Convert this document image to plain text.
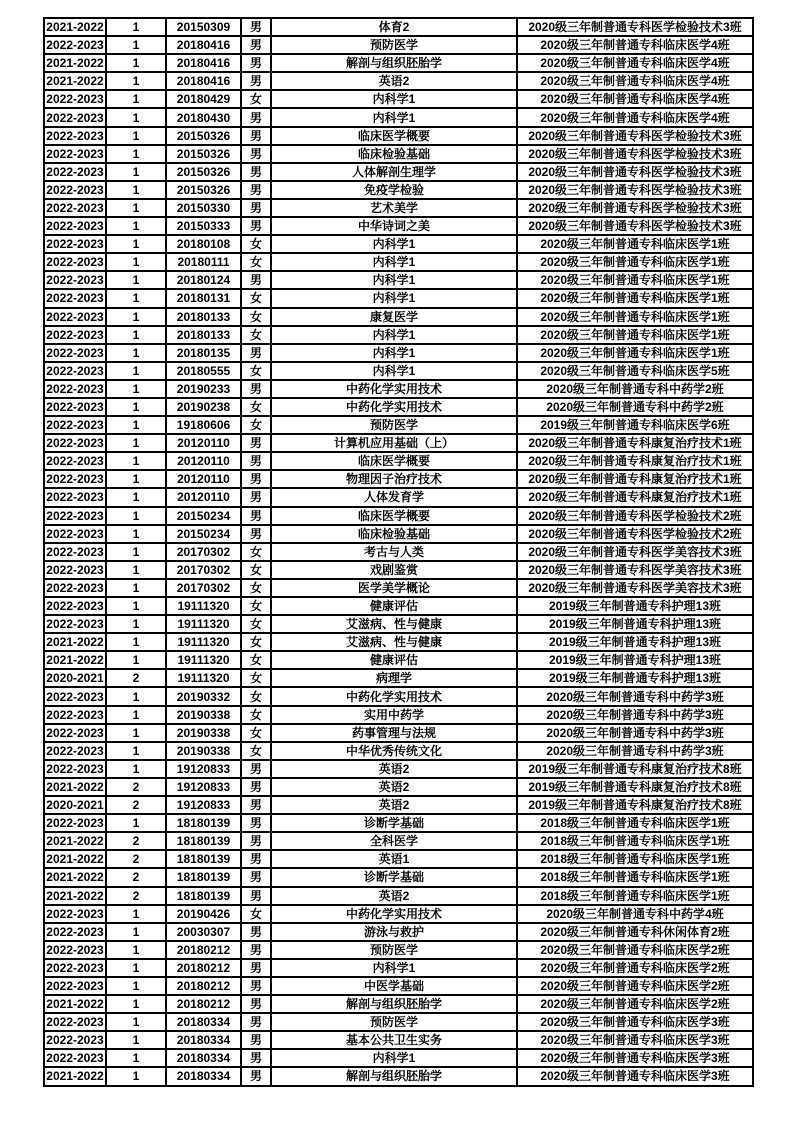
2021-2022	1	20150309	男	体育2	2020级三年制普通专科医学检验技术3班
2022-2023	1	20180416	男	预防医学	2020级三年制普通专科临床医学4班
2021-2022	1	20180416	男	解剖与组织胚胎学	2020级三年制普通专科临床医学4班
2021-2022	1	20180416	男	英语2	2020级三年制普通专科临床医学4班
2022-2023	1	20180429	女	内科学1	2020级三年制普通专科临床医学4班
2022-2023	1	20180430	男	内科学1	2020级三年制普通专科临床医学4班
2022-2023	1	20150326	男	临床医学概要	2020级三年制普通专科医学检验技术3班
2022-2023	1	20150326	男	临床检验基础	2020级三年制普通专科医学检验技术3班
2022-2023	1	20150326	男	人体解剖生理学	2020级三年制普通专科医学检验技术3班
2022-2023	1	20150326	男	免疫学检验	2020级三年制普通专科医学检验技术3班
2022-2023	1	20150330	男	艺术美学	2020级三年制普通专科医学检验技术3班
2022-2023	1	20150333	男	中华诗词之美	2020级三年制普通专科医学检验技术3班
2022-2023	1	20180108	女	内科学1	2020级三年制普通专科临床医学1班
2022-2023	1	20180111	女	内科学1	2020级三年制普通专科临床医学1班
2022-2023	1	20180124	男	内科学1	2020级三年制普通专科临床医学1班
2022-2023	1	20180131	女	内科学1	2020级三年制普通专科临床医学1班
2022-2023	1	20180133	女	康复医学	2020级三年制普通专科临床医学1班
2022-2023	1	20180133	女	内科学1	2020级三年制普通专科临床医学1班
2022-2023	1	20180135	男	内科学1	2020级三年制普通专科临床医学1班
2022-2023	1	20180555	女	内科学1	2020级三年制普通专科临床医学5班
2022-2023	1	20190233	男	中药化学实用技术	2020级三年制普通专科中药学2班
2022-2023	1	20190238	女	中药化学实用技术	2020级三年制普通专科中药学2班
2022-2023	1	19180606	女	预防医学	2019级三年制普通专科临床医学6班
2022-2023	1	20120110	男	计算机应用基础（上）	2020级三年制普通专科康复治疗技术1班
2022-2023	1	20120110	男	临床医学概要	2020级三年制普通专科康复治疗技术1班
2022-2023	1	20120110	男	物理因子治疗技术	2020级三年制普通专科康复治疗技术1班
2022-2023	1	20120110	男	人体发育学	2020级三年制普通专科康复治疗技术1班
2022-2023	1	20150234	男	临床医学概要	2020级三年制普通专科医学检验技术2班
2022-2023	1	20150234	男	临床检验基础	2020级三年制普通专科医学检验技术2班
2022-2023	1	20170302	女	考古与人类	2020级三年制普通专科医学美容技术3班
2022-2023	1	20170302	女	戏剧鉴赏	2020级三年制普通专科医学美容技术3班
2022-2023	1	20170302	女	医学美学概论	2020级三年制普通专科医学美容技术3班
2022-2023	1	19111320	女	健康评估	2019级三年制普通专科护理13班
2022-2023	1	19111320	女	艾滋病、性与健康	2019级三年制普通专科护理13班
2021-2022	1	19111320	女	艾滋病、性与健康	2019级三年制普通专科护理13班
2021-2022	1	19111320	女	健康评估	2019级三年制普通专科护理13班
2020-2021	2	19111320	女	病理学	2019级三年制普通专科护理13班
2022-2023	1	20190332	女	中药化学实用技术	2020级三年制普通专科中药学3班
2022-2023	1	20190338	女	实用中药学	2020级三年制普通专科中药学3班
2022-2023	1	20190338	女	药事管理与法规	2020级三年制普通专科中药学3班
2022-2023	1	20190338	女	中华优秀传统文化	2020级三年制普通专科中药学3班
2022-2023	1	19120833	男	英语2	2019级三年制普通专科康复治疗技术8班
2021-2022	2	19120833	男	英语2	2019级三年制普通专科康复治疗技术8班
2020-2021	2	19120833	男	英语2	2019级三年制普通专科康复治疗技术8班
2022-2023	1	18180139	男	诊断学基础	2018级三年制普通专科临床医学1班
2021-2022	2	18180139	男	全科医学	2018级三年制普通专科临床医学1班
2021-2022	2	18180139	男	英语1	2018级三年制普通专科临床医学1班
2021-2022	2	18180139	男	诊断学基础	2018级三年制普通专科临床医学1班
2021-2022	2	18180139	男	英语2	2018级三年制普通专科临床医学1班
2022-2023	1	20190426	女	中药化学实用技术	2020级三年制普通专科中药学4班
2022-2023	1	20030307	男	游泳与救护	2020级三年制普通专科休闲体育2班
2022-2023	1	20180212	男	预防医学	2020级三年制普通专科临床医学2班
2022-2023	1	20180212	男	内科学1	2020级三年制普通专科临床医学2班
2022-2023	1	20180212	男	中医学基础	2020级三年制普通专科临床医学2班
2021-2022	1	20180212	男	解剖与组织胚胎学	2020级三年制普通专科临床医学2班
2022-2023	1	20180334	男	预防医学	2020级三年制普通专科临床医学3班
2022-2023	1	20180334	男	基本公共卫生实务	2020级三年制普通专科临床医学3班
2022-2023	1	20180334	男	内科学1	2020级三年制普通专科临床医学3班
2021-2022	1	20180334	男	解剖与组织胚胎学	2020级三年制普通专科临床医学3班
